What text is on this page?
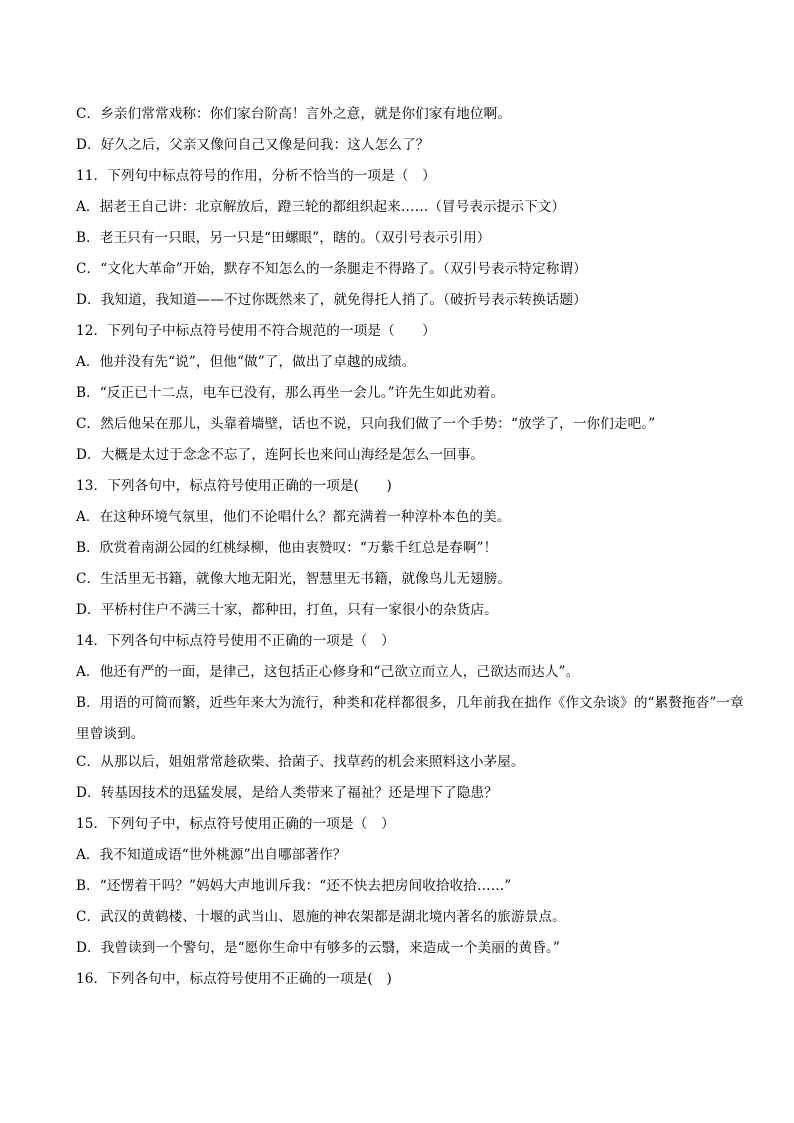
C．乡亲们常常戏称：你们家台阶高！言外之意，就是你们家有地位啊。
D．好久之后，父亲又像问自己又像是问我：这人怎么了？
11．下列句中标点符号的作用，分析不恰当的一项是（　）
A．据老王自己讲：北京解放后，蹬三轮的都组织起来……（冒号表示提示下文）
B．老王只有一只眼，另一只是“田螺眼”，瞎的。（双引号表示引用）
C．“文化大革命”开始，默存不知怎么的一条腿走不得路了。（双引号表示特定称谓）
D．我知道，我知道——不过你既然来了，就免得托人捎了。（破折号表示转换话题）
12．下列句子中标点符号使用不符合规范的一项是（　　）
A．他并没有先“说”，但他“做”了，做出了卓越的成绩。
B．“反正已十二点，电车已没有，那么再坐一会儿。”许先生如此劝着。
C．然后他呆在那儿，头靠着墙壁，话也不说，只向我们做了一个手势：“放学了，一你们走吧。”
D．大概是太过于念念不忘了，连阿长也来问山海经是怎么一回事。
13．下列各句中，标点符号使用正确的一项是(　　)
A．在这种环境气氛里，他们不论唱什么？都充满着一种淳朴本色的美。
B．欣赏着南湖公园的红桃绿柳，他由衷赞叹：“万紫千红总是春啊”！
C．生活里无书籍，就像大地无阳光，智慧里无书籍，就像鸟儿无翅膀。
D．平桥村住户不满三十家，都种田，打鱼，只有一家很小的杂货店。
14．下列各句中标点符号使用不正确的一项是（　）
A．他还有严的一面，是律己，这包括正心修身和“己欲立而立人，己欲达而达人”。
B．用语的可简而繁，近些年来大为流行，种类和花样都很多，几年前我在拙作《作文杂谈》的“累赘拖沓”一章里曾谈到。
C．从那以后，姐姐常常趁砍柴、拾菌子、找草药的机会来照料这小茅屋。
D．转基因技术的迅猛发展，是给人类带来了福祉？还是埋下了隐患？
15．下列句子中，标点符号使用正确的一项是（　）
A．我不知道成语“世外桃源”出自哪部著作？
B．“还愣着干吗？”妈妈大声地训斥我：“还不快去把房间收拾收拾……”
C．武汉的黄鹤楼、十堰的武当山、恩施的神农架都是湖北境内著名的旅游景点。
D．我曾读到一个警句，是“愿你生命中有够多的云翳，来造成一个美丽的黄昏。”
16．下列各句中，标点符号使用不正确的一项是(　)
